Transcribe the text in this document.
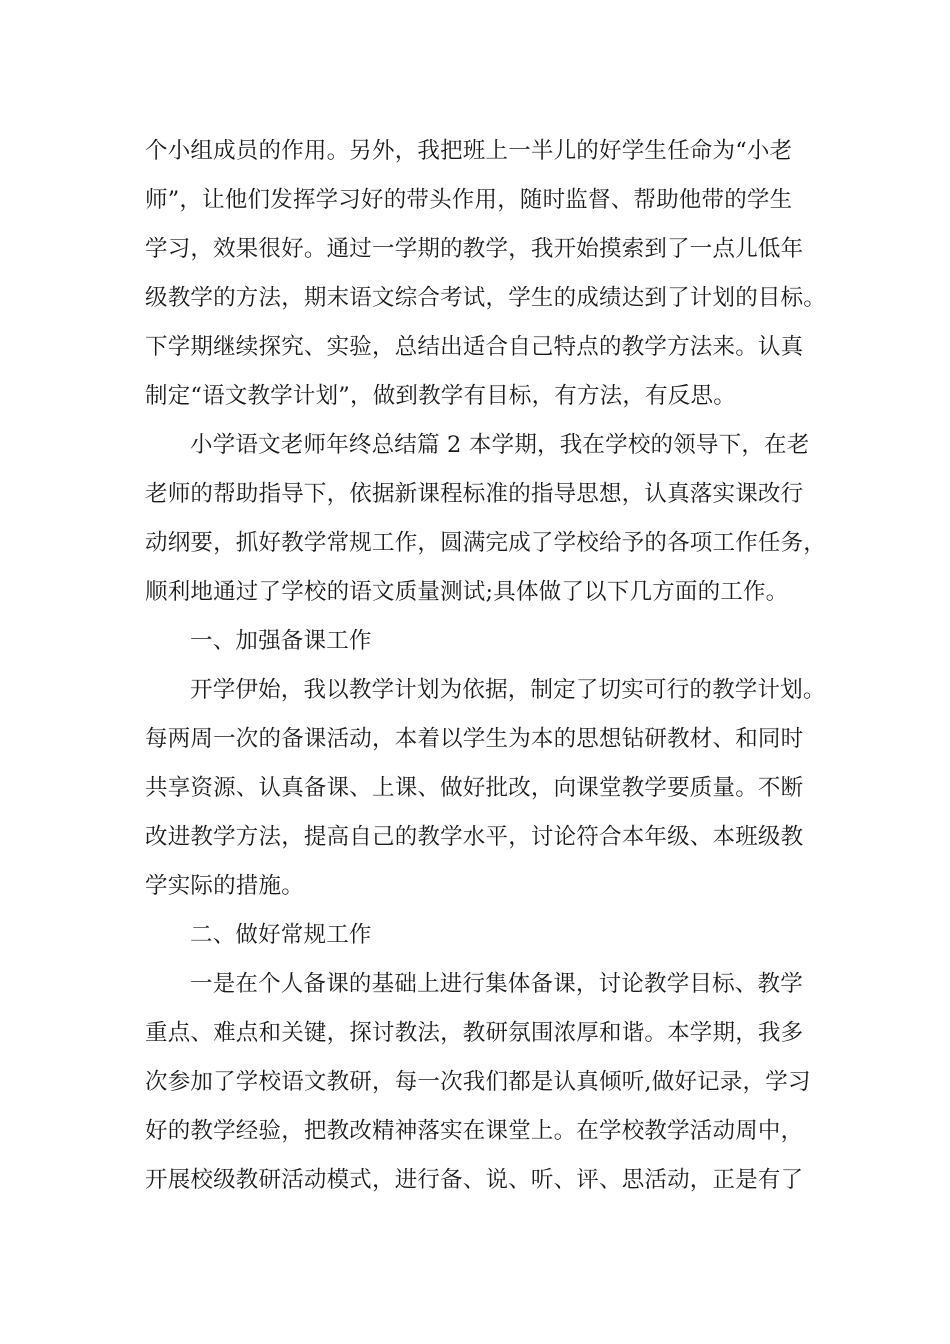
个小组成员的作用。另外，我把班上一半儿的好学生任命为“小老
师”，让他们发挥学习好的带头作用，随时监督、帮助他带的学生
学习，效果很好。通过一学期的教学，我开始摸索到了一点儿低年
级教学的方法，期末语文综合考试，学生的成绩达到了计划的目标。
下学期继续探究、实验，总结出适合自己特点的教学方法来。认真
制定“语文教学计划”，做到教学有目标，有方法，有反思。
小学语文老师年终总结篇 2 本学期，我在学校的领导下，在老
老师的帮助指导下，依据新课程标准的指导思想，认真落实课改行
动纲要，抓好教学常规工作，圆满完成了学校给予的各项工作任务，
顺利地通过了学校的语文质量测试;具体做了以下几方面的工作。
一、加强备课工作
开学伊始，我以教学计划为依据，制定了切实可行的教学计划。
每两周一次的备课活动，本着以学生为本的思想钻研教材、和同时
共享资源、认真备课、上课、做好批改，向课堂教学要质量。不断
改进教学方法，提高自己的教学水平，讨论符合本年级、本班级教
学实际的措施。
二、做好常规工作
一是在个人备课的基础上进行集体备课，讨论教学目标、教学
重点、难点和关键，探讨教法，教研氛围浓厚和谐。本学期，我多
次参加了学校语文教研，每一次我们都是认真倾听,做好记录，学习
好的教学经验，把教改精神落实在课堂上。在学校教学活动周中，
开展校级教研活动模式，进行备、说、听、评、思活动，正是有了
